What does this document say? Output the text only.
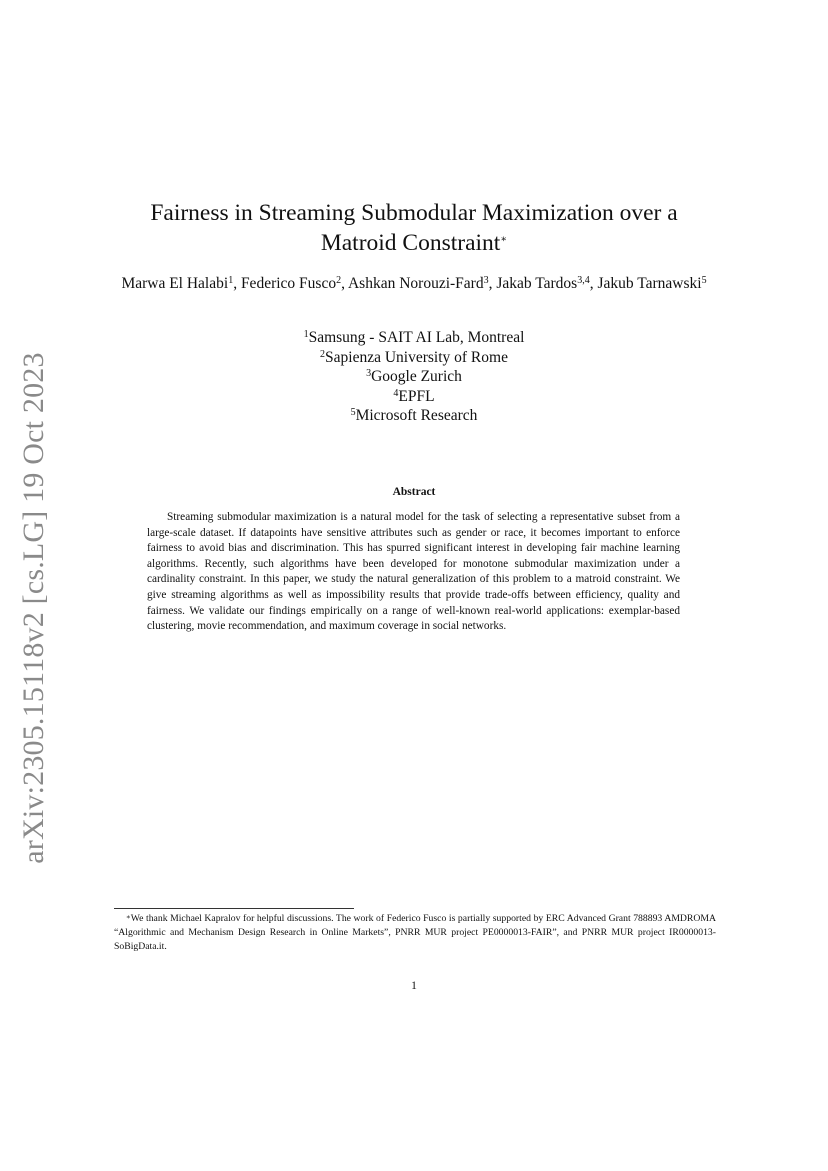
arXiv:2305.15118v2 [cs.LG] 19 Oct 2023
Fairness in Streaming Submodular Maximization over a
Matroid Constraint∗
Marwa El Halabi$^1$, Federico Fusco$^2$, Ashkan Norouzi-Fard$^3$, Jakab Tardos$^{3,4}$, Jakub Tarnawski$^5$
$^1$Samsung - SAIT AI Lab, Montreal
$^2$Sapienza University of Rome
$^3$Google Zurich
$^4$EPFL
$^5$Microsoft Research
Abstract

Streaming submodular maximization is a natural model for the task of selecting a representative subset from a large-scale dataset. If datapoints have sensitive attributes such as gender or race, it becomes important to enforce fairness to avoid bias and discrimination. This has spurred significant interest in developing fair machine learning algorithms. Recently, such algorithms have been developed for monotone submodular maximization under a cardinality constraint. In this paper, we study the natural generalization of this problem to a matroid constraint. We give streaming algorithms as well as impossibility results that provide trade-offs between efficiency, quality and fairness. We validate our findings empirically on a range of well-known real-world applications: exemplar-based clustering, movie recommendation, and maximum coverage in social networks.

∗We thank Michael Kapralov for helpful discussions. The work of Federico Fusco is partially supported by ERC Advanced Grant 788893 AMDROMA “Algorithmic and Mechanism Design Research in Online Markets”, PNRR MUR project PE0000013-FAIR”, and PNRR MUR project IR0000013-SoBigData.it.

1
